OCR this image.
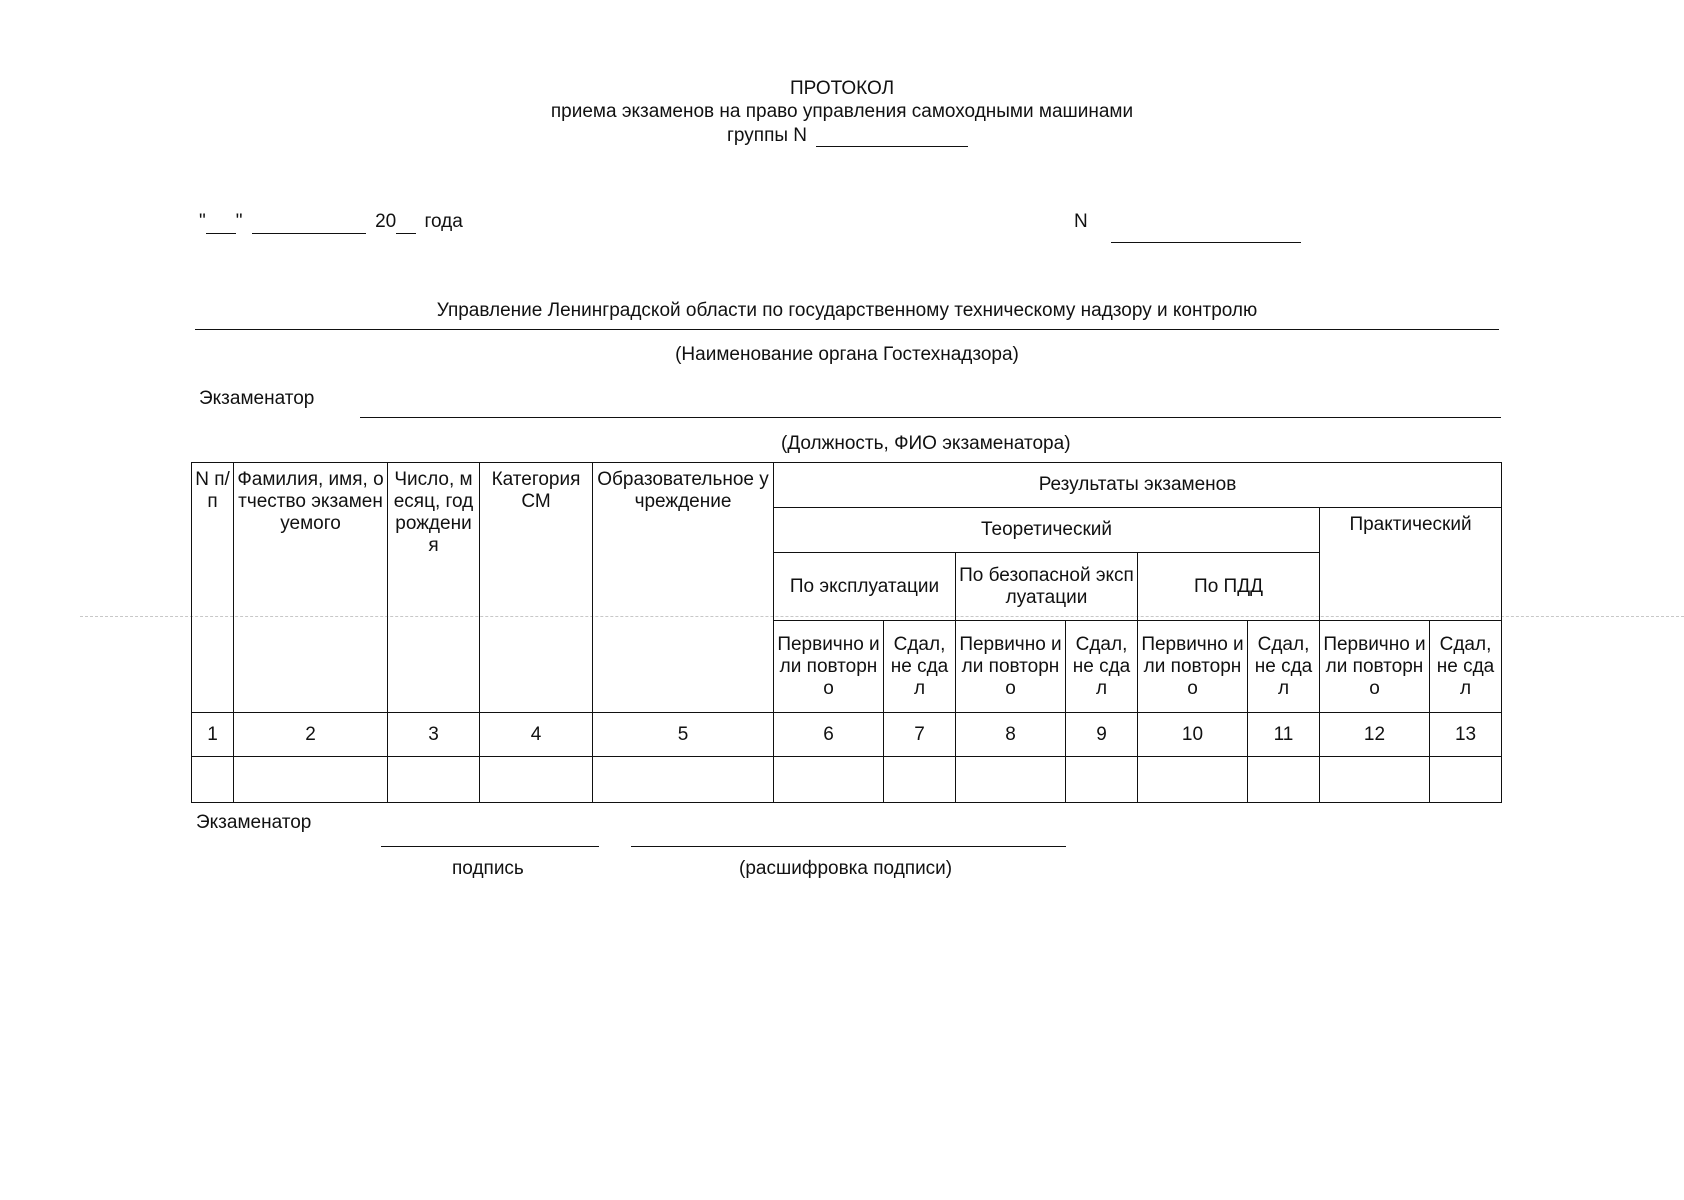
ПРОТОКОЛ
приема экзаменов на право управления самоходными машинами
группы N
" "	20 года	N
Управление Ленинградской области по государственному техническому надзору и контролю
(Наименование органа Гостехнадзора)
Экзаменатор
(Должность, ФИО экзаменатора)
N п/п	Фамилия, имя, отчество экзаменуемого	Число, месяц, год рождения	Категория СМ	Образовательное учреждение	Результаты экзаменов							
					Теоретический						Практический	
					По эксплуатации		По безопасной эксплуатации		По ПДД			
					Первично или повторно	Сдал, не сдал	Первично или повторно	Сдал, не сдал	Первично или повторно	Сдал, не сдал	Первично или повторно	Сдал, не сдал
1	2	3	4	5	6	7	8	9	10	11	12	13

Экзаменатор
подпись	(расшифровка подписи)
